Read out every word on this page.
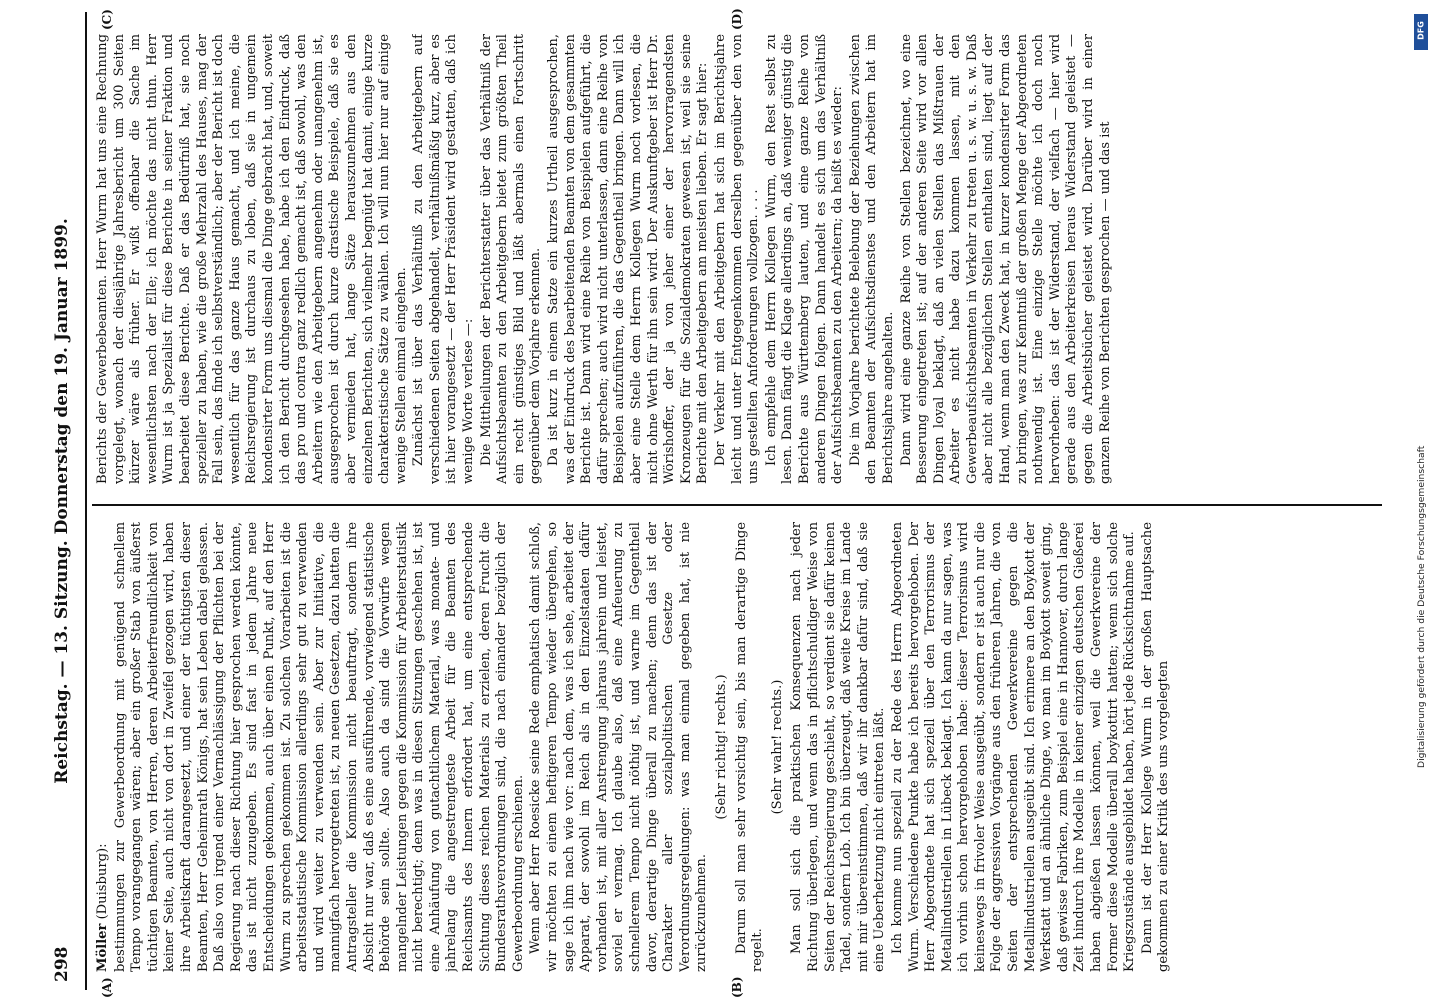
298
Reichstag. — 13. Sitzung. Donnerstag den 19. Januar 1899.

Möller (Duisburg): bestimmungen zur Gewerbeordnung mit genügend schnellem Tempo vorangegangen wären; aber ein großer Stab von äußerst tüchtigen Beamten, von Herren, deren Arbeiterfreundlichkeit von keiner Seite, auch nicht von dort in Zweifel gezogen wird, haben ihre Arbeitskraft darangesetzt, und einer der tüchtigsten dieser Beamten, Herr Geheimrath Königs, hat sein Leben dabei gelassen. Daß also von irgend einer Vernachlässigung der Pflichten bei der Regierung nach dieser Richtung hier gesprochen werden könnte, das ist nicht zuzugeben. Es sind fast in jedem Jahre neue Entscheidungen gekommen, auch über einen Punkt, auf den Herr Wurm zu sprechen gekommen ist. Zu solchen Vorarbeiten ist die arbeitsstatistische Kommission allerdings sehr gut zu verwenden und wird weiter zu verwenden sein. Aber zur Initiative, die mannigfach hervorgetreten ist, zu neuen Gesetzen, dazu hatten die Antragsteller die Kommission nicht beauftragt, sondern ihre Absicht nur war, daß es eine ausführende, vorwiegend statistische Behörde sein sollte. Also auch da sind die Vorwürfe wegen mangelnder Leistungen gegen die Kommission für Arbeiterstatistik nicht berechtigt; denn was in diesen Sitzungen geschehen ist, ist eine Anhäufung von gutachtlichem Material, was monate- und jahrelang die angestrengteste Arbeit für die Beamten des Reichsamts des Innern erfordert hat, um eine entsprechende Sichtung dieses reichen Materials zu erzielen, deren Frucht die Bundesrathsverordnungen sind, die nach einander bezüglich der Gewerbeordnung erschienen. Wenn aber Herr Roesicke seine Rede emphatisch damit schloß, wir möchten zu einem heftigeren Tempo wieder übergehen, so sage ich ihm nach wie vor: nach dem, was ich sehe, arbeitet der Apparat, der sowohl im Reich als in den Einzelstaaten dafür vorhanden ist, mit aller Anstrengung jahraus jahrein und leistet, soviel er vermag. Ich glaube also, daß eine Anfeuerung zu schnellerem Tempo nicht nöthig ist, und warne im Gegentheil davor, derartige Dinge überall zu machen; denn das ist der Charakter aller sozialpolitischen Gesetze oder Verordnungsregelungen: was man einmal gegeben hat, ist nie zurückzunehmen.

(Sehr richtig! rechts.) Darum soll man sehr vorsichtig sein, bis man derartige Dinge regelt.

(Sehr wahr! rechts.) Man soll sich die praktischen Konsequenzen nach jeder Richtung überlegen, und wenn das in pflichtschuldiger Weise von Seiten der Reichsregierung geschieht, so verdient sie dafür keinen Tadel, sondern Lob. Ich bin überzeugt, daß weite Kreise im Lande mit mir übereinstimmen, daß wir ihr dankbar dafür sind, daß sie eine Ueberhetzung nicht eintreten läßt. Ich komme nun speziell zu der Rede des Herrn Abgeordneten Wurm. Verschiedene Punkte habe ich bereits hervorgehoben. Der Herr Abgeordnete hat sich speziell über den Terrorismus der Metallindustriellen in Lübeck beklagt. Ich kann da nur sagen, was ich vorhin schon hervorgehoben habe: dieser Terrorismus wird keineswegs in frivoler Weise ausgeübt, sondern er ist auch nur die Folge der aggressiven Vorgänge aus den früheren Jahren, die von Seiten der entsprechenden Gewerkvereine gegen die Metallindustriellen ausgeübt sind. Ich erinnere an den Boykott der Werkstatt und an ähnliche Dinge, wo man im Boykott soweit ging, daß gewisse Fabriken, zum Beispiel eine in Hannover, durch lange Zeit hindurch ihre Modelle in keiner einzigen deutschen Gießerei haben abgießen lassen können, weil die Gewerkvereine der Former diese Modelle überall boykottirt hatten; wenn sich solche Kriegszustände ausgebildet haben, hört jede Rücksichtnahme auf. Dann ist der Herr Kollege Wurm in der großen Hauptsache gekommen zu einer Kritik des uns vorgelegten

Berichts der Gewerbebeamten. Herr Wurm hat uns eine Rechnung vorgelegt, wonach der diesjährige Jahresbericht um 300 Seiten kürzer wäre als früher. Er wißt offenbar die Sache im wesentlichsten nach der Elle; ich möchte das nicht thun. Herr Wurm ist ja Spezialist für diese Berichte in seiner Fraktion und bearbeitet diese Berichte. Daß er das Bedürfniß hat, sie noch spezieller zu haben, wie die große Mehrzahl des Hauses, mag der Fall sein, das finde ich selbstverständlich; aber der Bericht ist doch wesentlich für das ganze Haus gemacht, und ich meine, die Reichsregierung ist durchaus zu loben, daß sie in ungemein kondensirter Form uns diesmal die Dinge gebracht hat, und, soweit ich den Bericht durchgesehen habe, habe ich den Eindruck, daß das pro und contra ganz redlich gemacht ist, daß sowohl, was den Arbeitern wie den Arbeitgebern angenehm oder unangenehm ist, ausgesprochen ist durch kurze drastische Beispiele, daß sie es aber vermieden hat, lange Sätze herauszunehmen aus den einzelnen Berichten, sich vielmehr begnügt hat damit, einige kurze charakteristische Sätze zu wählen. Ich will nun hier nur auf einige wenige Stellen einmal eingehen. Zunächst ist über das Verhältniß zu den Arbeitgebern auf verschiedenen Seiten abgehandelt, verhältnißmäßig kurz, aber es ist hier vorangesetzt — der Herr Präsident wird gestatten, daß ich wenige Worte verlese —: Die Mittheilungen der Berichterstatter über das Verhältniß der Aufsichtsbeamten zu den Arbeitgebern bietet zum größten Theil ein recht günstiges Bild und läßt abermals einen Fortschritt gegenüber dem Vorjahre erkennen. Da ist kurz in einem Satze ein kurzes Urtheil ausgesprochen, was der Eindruck des bearbeitenden Beamten von dem gesammten Berichte ist. Dann wird eine Reihe von Beispielen aufgeführt, die dafür sprechen; auch wird nicht unterlassen, dann eine Reihe von Beispielen aufzuführen, die das Gegentheil bringen. Dann will ich aber eine Stelle dem Herrn Kollegen Wurm noch vorlesen, die nicht ohne Werth für ihn sein wird. Der Auskunftgeber ist Herr Dr. Wörishoffer, der ja von jeher einer der hervorragendsten Kronzeugen für die Sozialdemokraten gewesen ist, weil sie seine Berichte mit den Arbeitgebern am meisten lieben. Er sagt hier: Der Verkehr mit den Arbeitgebern hat sich im Berichtsjahre leicht und unter Entgegenkommen derselben gegenüber den von uns gestellten Anforderungen vollzogen. . . . Ich empfehle dem Herrn Kollegen Wurm, den Rest selbst zu lesen. Dann fängt die Klage allerdings an, daß weniger günstig die Berichte aus Württemberg lauten, und eine ganze Reihe von anderen Dingen folgen. Dann handelt es sich um das Verhältniß der Aufsichtsbeamten zu den Arbeitern; da heißt es wieder: Die im Vorjahre berichtete Belebung der Beziehungen zwischen den Beamten der Aufsichtsdienstes und den Arbeitern hat im Berichtsjahre angehalten. Dann wird eine ganze Reihe von Stellen bezeichnet, wo eine Besserung eingetreten ist; auf der anderen Seite wird vor allen Dingen loyal beklagt, daß an vielen Stellen das Mißtrauen der Arbeiter es nicht habe dazu kommen lassen, mit den Gewerbeaufsichtsbeamten in Verkehr zu treten u. s. w. u. s. w. Daß aber nicht alle bezüglichen Stellen enthalten sind, liegt auf der Hand, wenn man den Zweck hat, in kurzer kondensirter Form das zu bringen, was zur Kenntniß der großen Menge der Abgeordneten nothwendig ist. Eine einzige Stelle möchte ich doch noch hervorheben: das ist der Widerstand, der vielfach — hier wird gerade aus den Arbeiterkreisen heraus Widerstand geleistet — gegen die Arbeitsbücher geleistet wird. Darüber wird in einer ganzen Reihe von Berichten gesprochen — und das ist

(A)	(B)
(C)	(D)
DFG
Digitalisierung gefördert durch die Deutsche Forschungsgemeinschaft
